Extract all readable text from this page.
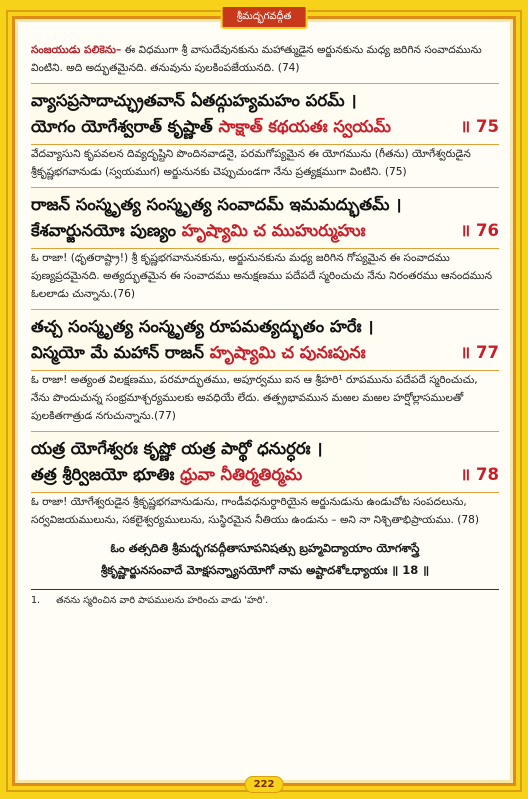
శ్రీమద్భగవద్గీత

సంజయుడు పలికెను– ఈ విధముగా శ్రీ వాసుదేవునకును మహాత్ముడైన అర్జునకును మధ్య జరిగిన సంవాదమును వింటిని. అది అద్భుతమైనది. తనువును పులకింపజేయునది. (74)

వ్యాసప్రసాదాచ్ఛ్రుతవాన్ ఏతద్గుహ్యమహం పరమ్ ।
యోగం యోగేశ్వరాత్ కృష్ణాత్ సాక్షాత్ కథయతః స్వయమ్	॥ 75

వేదవ్యాసుని కృపవలన దివ్యదృష్టిని పొందినవాడనై, పరమగోప్యమైన ఈ యోగమును (గీతను) యోగేశ్వరుడైన శ్రీకృష్ణభగవానుడు (స్వయముగ) అర్జునునకు చెప్పుచుండగా నేను ప్రత్యక్షముగా వింటిని. (75)

రాజన్ సంస్మృత్య సంస్మృత్య సంవాదమ్ ఇమమద్భుతమ్ ।
కేశవార్జునయోః పుణ్యం హృష్యామి చ ముహుర్ముహుః	॥ 76

ఓ రాజా! (ధృతరాష్ట్రా!) శ్రీ కృష్ణభగవానునకును, అర్జునునకును మధ్య జరిగిన గోప్యమైన ఈ సంవాదము పుణ్యప్రదమైనది. అత్యద్భుతమైన ఈ సంవాదము అనుక్షణము పదేపదే స్మరించుచు నేను నిరంతరము ఆనందమున ఓలలాడు చున్నాను.(76)

తచ్చ సంస్మృత్య సంస్మృత్య రూపమత్యద్భుతం హరేః ।
విస్మయో మే మహాన్ రాజన్ హృష్యామి చ పునఃపునః	॥ 77

ఓ రాజా! అత్యంత విలక్షణము, పరమాద్భుతము, అపూర్వము ఐన ఆ శ్రీహరి¹ రూపమును పదేపదే స్మరించుచు, నేను పొందుచున్న సంభ్రమాశ్చర్యములకు అవధియే లేదు. తత్ప్రభావమున మఱల మఱల హర్షోల్లాసములతో పులకితగాత్రుడ నగుచున్నాను.(77)

యత్ర యోగేశ్వరః కృష్ణో యత్ర పార్థో ధనుర్ధరః ।
తత్ర శ్రీర్విజయో భూతిః ధ్రువా నీతిర్మతిర్మమ	॥ 78

ఓ రాజా! యోగేశ్వరుడైన శ్రీకృష్ణభగవానుడును, గాండీవధనుర్ధారియైన అర్జునుడును ఉండుచోట సంపదలును, సర్వవిజయములును, సకలైశ్వర్యములును, సుస్థిరమైన నీతియు ఉండును – అని నా నిశ్చితాభిప్రాయము. (78)

ఓం తత్సదితి శ్రీమద్భగవద్గీతాసూపనిషత్సు బ్రహ్మవిద్యాయాం యోగశాస్త్రే
శ్రీకృష్ణార్జునసంవాదే మోక్షసన్న్యాసయోగో నామ అష్టాదశోఽధ్యాయః ॥ 18 ॥
1. తనను స్మరించిన వారి పాపములను హరించు వాడు 'హరి'.
222
